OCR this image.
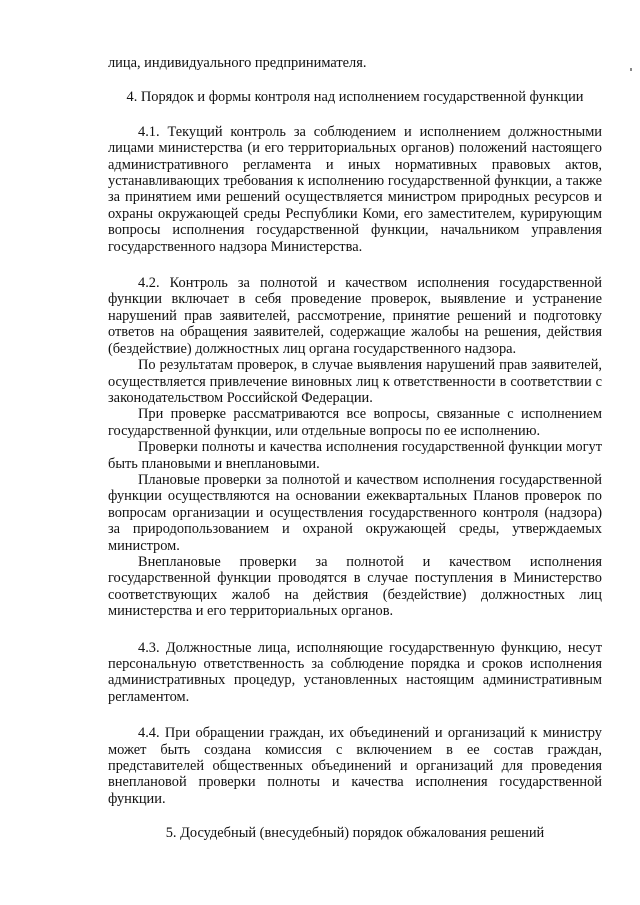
лица, индивидуального предпринимателя.

4. Порядок и формы контроля над исполнением государственной функции

4.1. Текущий контроль за соблюдением и исполнением должностными лицами министерства (и его территориальных органов) положений настоящего административного регламента и иных нормативных правовых актов, устанавливающих требования к исполнению государственной функции, а также за принятием ими решений осуществляется министром природных ресурсов и охраны окружающей среды Республики Коми, его заместителем, курирующим вопросы исполнения государственной функции, начальником управления государственного надзора Министерства.

4.2. Контроль за полнотой и качеством исполнения государственной функции включает в себя проведение проверок, выявление и устранение нарушений прав заявителей, рассмотрение, принятие решений и подготовку ответов на обращения заявителей, содержащие жалобы на решения, действия (бездействие) должностных лиц органа государственного надзора.

По результатам проверок, в случае выявления нарушений прав заявителей, осуществляется привлечение виновных лиц к ответственности в соответствии с законодательством Российской Федерации.

При проверке рассматриваются все вопросы, связанные с исполнением государственной функции, или отдельные вопросы по ее исполнению.

Проверки полноты и качества исполнения государственной функции могут быть плановыми и внеплановыми.

Плановые проверки за полнотой и качеством исполнения государственной функции осуществляются на основании ежеквартальных Планов проверок по вопросам организации и осуществления государственного контроля (надзора) за природопользованием и охраной окружающей среды, утверждаемых министром.

Внеплановые проверки за полнотой и качеством исполнения государственной функции проводятся в случае поступления в Министерство соответствующих жалоб на действия (бездействие) должностных лиц министерства и его территориальных органов.

4.3. Должностные лица, исполняющие государственную функцию, несут персональную ответственность за соблюдение порядка и сроков исполнения административных процедур, установленных настоящим административным регламентом.

4.4. При обращении граждан, их объединений и организаций к министру может быть создана комиссия с включением в ее состав граждан, представителей общественных объединений и организаций для проведения внеплановой проверки полноты и качества исполнения государственной функции.

5. Досудебный (внесудебный) порядок обжалования решений
